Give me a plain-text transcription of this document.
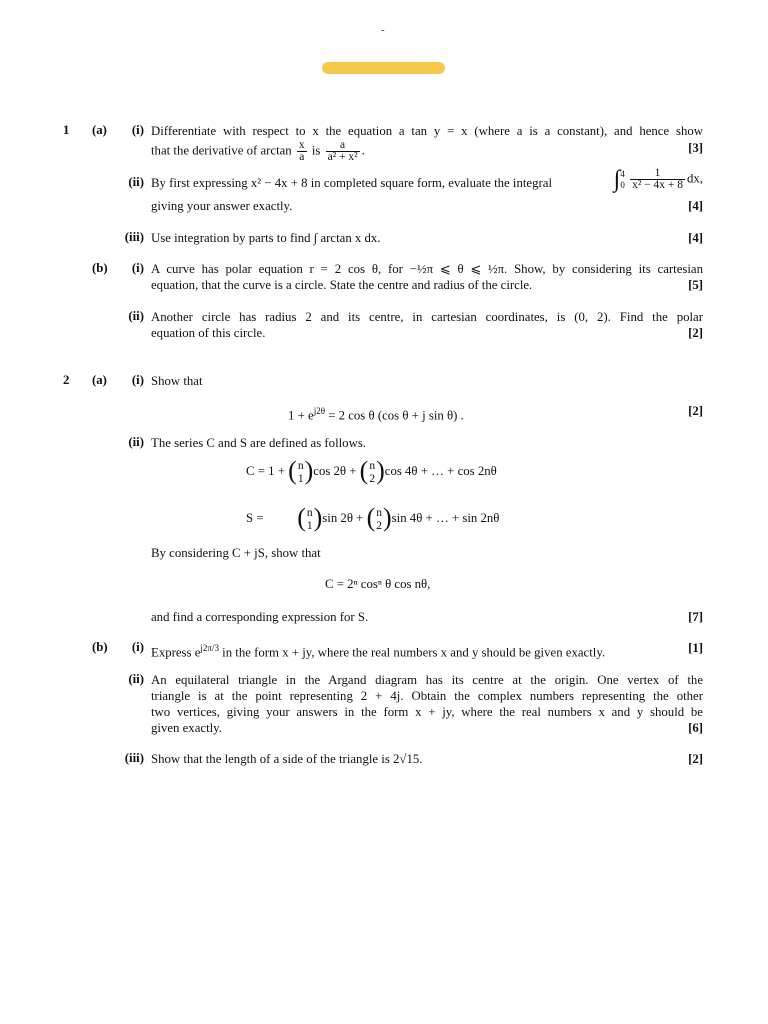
-
1 (a)	(i) Differentiate with respect to x the equation a tan y = x (where a is a constant), and hence show
that the derivative of $\arctan \frac{x}{a}$ is $\frac{a}{\text{a² + x²}}$ .	[3]
(ii) By first expressing x² − 4x + 8 in completed square form, evaluate the integral	∫ 4
0
$\frac{1}{\text{x² − 4x + 8}}$ dx,
giving your answer exactly.	[4]
(iii) Use integration by parts to find ∫ arctan x dx.	[4]
(b)	(i) A curve has polar equation r = 2 cos θ, for −½π ⩽ θ ⩽ ½π. Show, by considering its cartesian
equation, that the curve is a circle. State the centre and radius of the circle.	[5]
(ii) Another circle has radius 2 and its centre, in cartesian coordinates, is (0, 2). Find the polar
equation of this circle.	[2]
2 (a)	(i) Show that
$1 + e^{j2\theta} = 2$ cos θ (cos θ + j sin θ) .	[2]
(ii) The series C and S are defined as follows.
C = 1 + ( n
1 )cos 2θ + ( n
2 )cos 4θ + … + cos 2nθ
S = ( n
1 )sin 2θ + ( n
2 )sin 4θ + … + sin 2nθ
By considering C + jS, show that
C = 2ⁿ cosⁿ θ cos nθ,
and find a corresponding expression for S.	[7]
(b)	(i) Express $e^{j2\pi/3}$ in the form x + jy, where the real numbers x and y should be given exactly.	[1]
(ii) An equilateral triangle in the Argand diagram has its centre at the origin. One vertex of the
triangle is at the point representing 2 + 4j. Obtain the complex numbers representing the other
two vertices, giving your answers in the form x + jy, where the real numbers x and y should be
given exactly.	[6]
(iii) Show that the length of a side of the triangle is 2√15.	[2]
